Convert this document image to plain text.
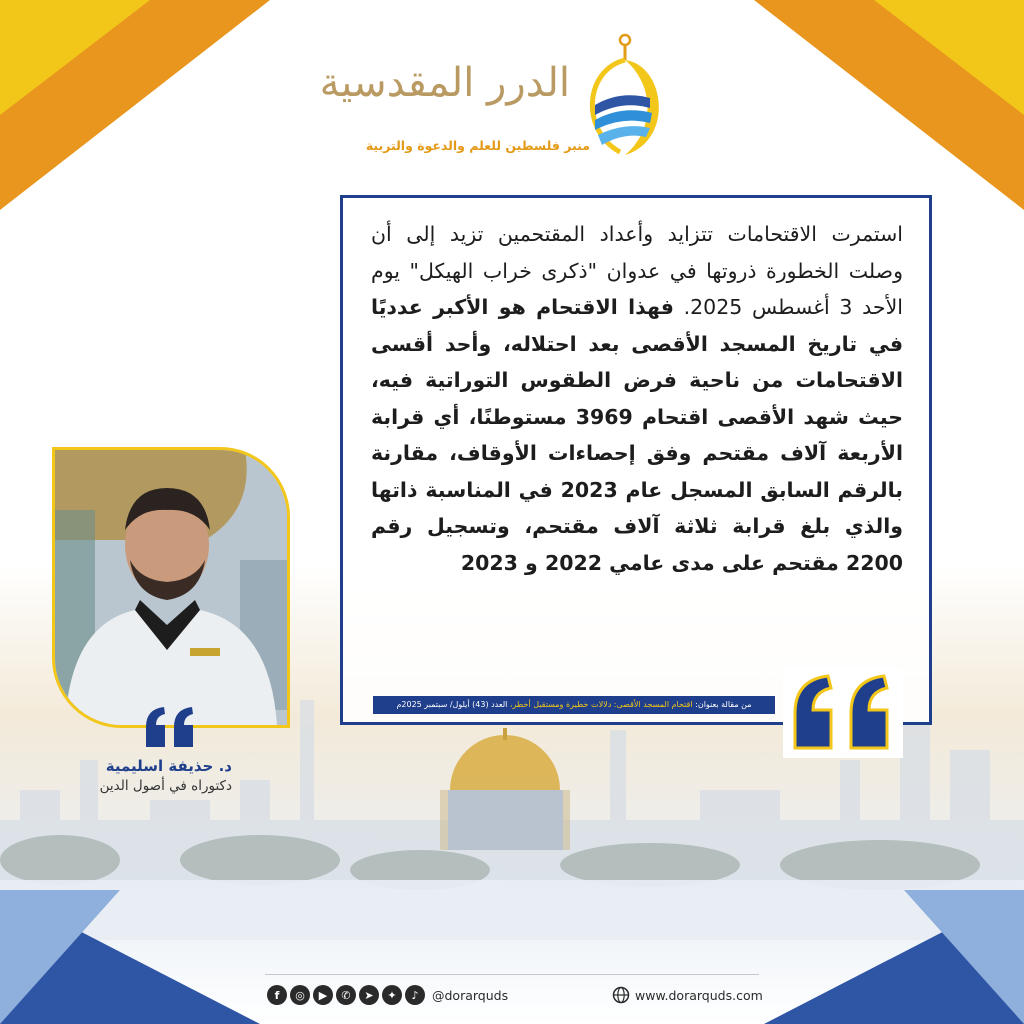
الدرر المقدسية
منبر فلسطين للعلم والدعوة والتربية
استمرت الاقتحامات تتزايد وأعداد المقتحمين تزيد إلى أن وصلت الخطورة ذروتها في عدوان "ذكرى خراب الهيكل" يوم الأحد 3 أغسطس 2025. فهذا الاقتحام هو الأكبر عدديًا في تاريخ المسجد الأقصى بعد احتلاله، وأحد أقسى الاقتحامات من ناحية فرض الطقوس التوراتية فيه، حيث شهد الأقصى اقتحام 3969 مستوطنًا، أي قرابة الأربعة آلاف مقتحم وفق إحصاءات الأوقاف، مقارنة بالرقم السابق المسجل عام 2023 في المناسبة ذاتها والذي بلغ قرابة ثلاثة آلاف مقتحم، وتسجيل رقم 2200 مقتحم على مدى عامي 2022 و 2023
من مقالة بعنوان: اقتحام المسجد الأقصى: دلالات خطيرة ومستقبل أخطر، العدد (43) أيلول/ سبتمبر 2025م
د. حذيفة اسليمية
دكتوراه في أصول الدين
f	◎	▶	✆	➤	✦	♪	@dorarquds	www.dorarquds.com
